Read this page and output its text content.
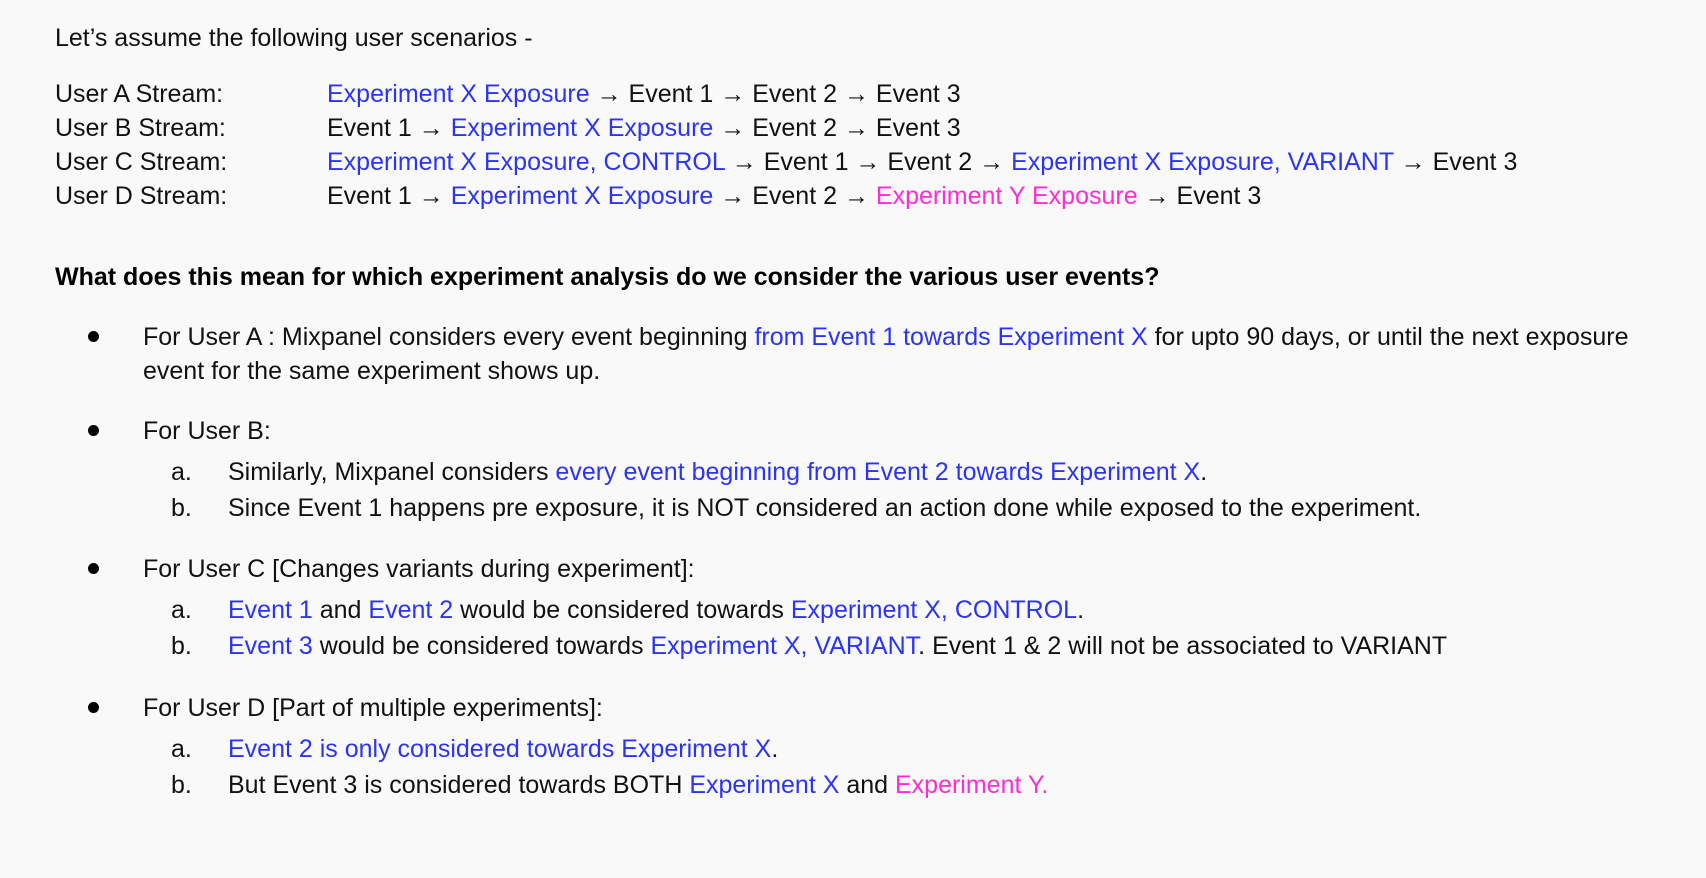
Let’s assume the following user scenarios -

User A Stream:	Experiment X Exposure → Event 1 → Event 2 → Event 3
User B Stream:	Event 1 → Experiment X Exposure → Event 2 → Event 3
User C Stream:	Experiment X Exposure, CONTROL → Event 1 → Event 2 → Experiment X Exposure, VARIANT → Event 3
User D Stream:	Event 1 → Experiment X Exposure → Event 2 → Experiment Y Exposure → Event 3

What does this mean for which experiment analysis do we consider the various user events?

For User A : Mixpanel considers every event beginning from Event 1 towards Experiment X for upto 90 days, or until the next exposure event for the same experiment shows up.
For User B:
a. Similarly, Mixpanel considers every event beginning from Event 2 towards Experiment X.
b. Since Event 1 happens pre exposure, it is NOT considered an action done while exposed to the experiment.
For User C [Changes variants during experiment]:
a. Event 1 and Event 2 would be considered towards Experiment X, CONTROL.
b. Event 3 would be considered towards Experiment X, VARIANT. Event 1 & 2 will not be associated to VARIANT
For User D [Part of multiple experiments]:
a. Event 2 is only considered towards Experiment X.
b. But Event 3 is considered towards BOTH Experiment X and Experiment Y.
